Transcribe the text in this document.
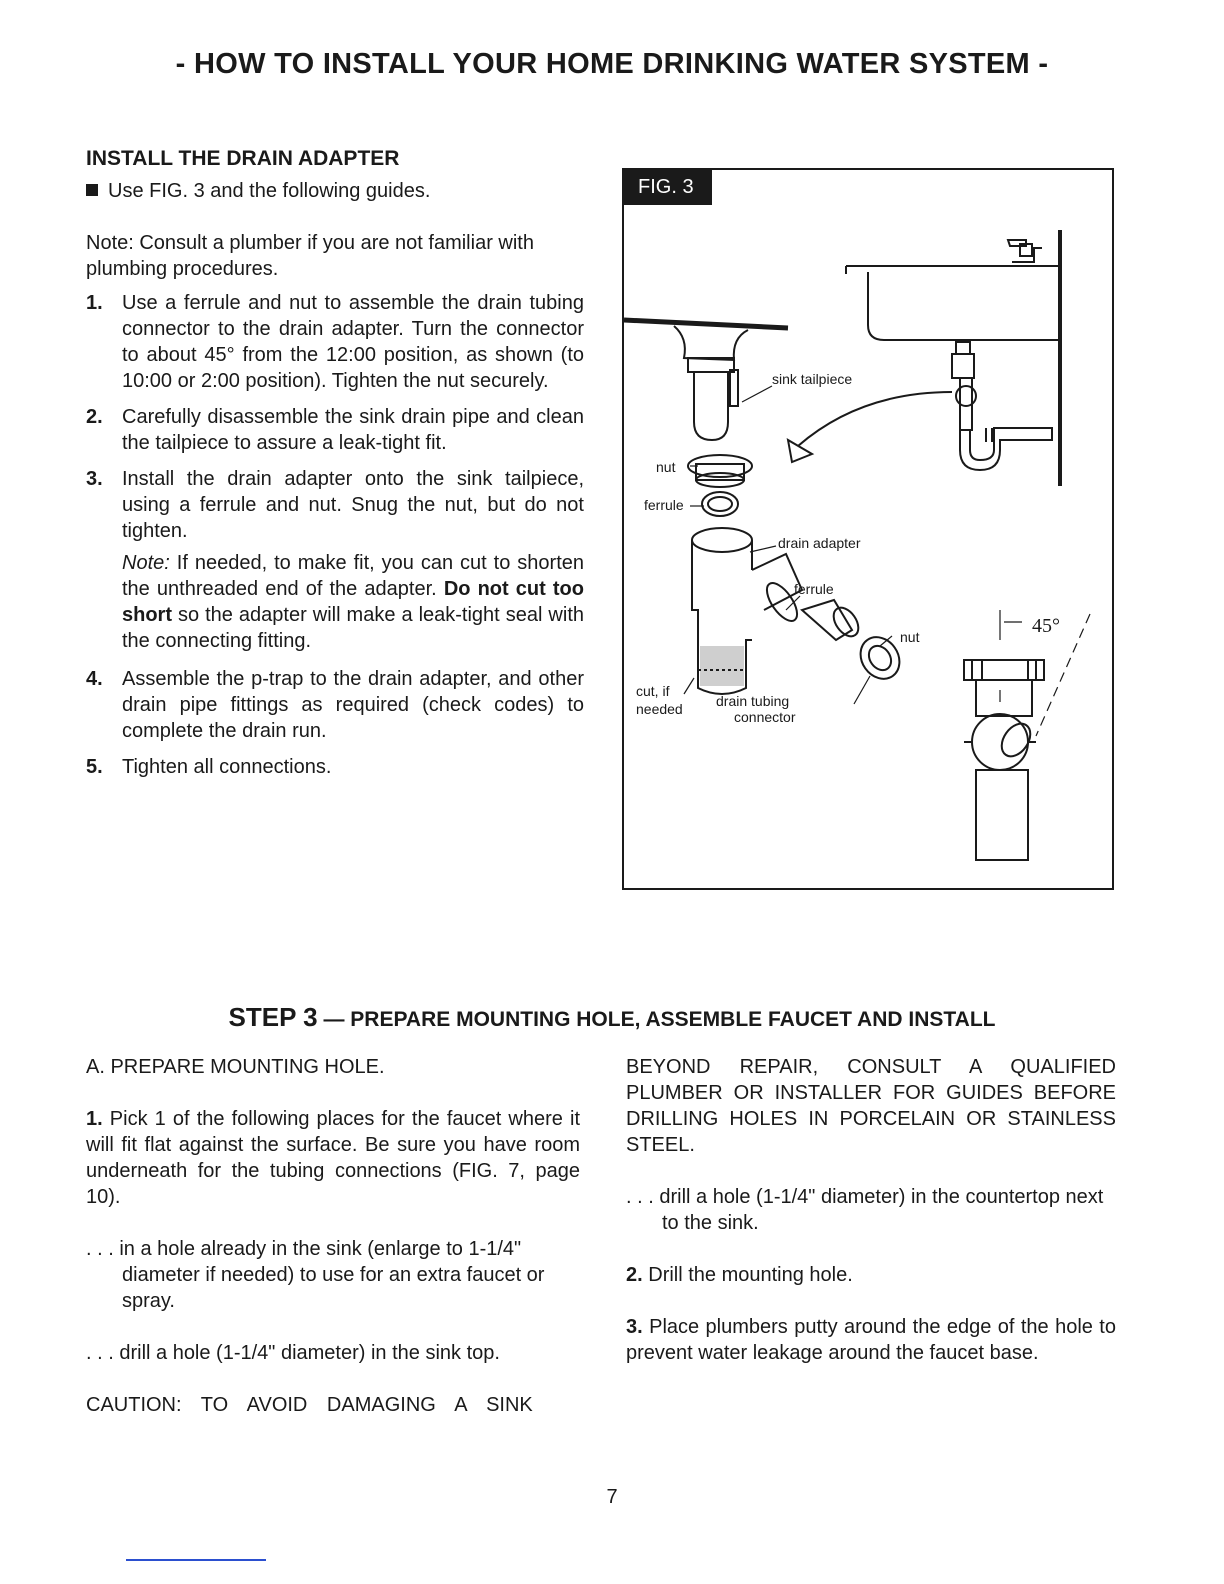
- HOW TO INSTALL YOUR HOME DRINKING WATER SYSTEM -

INSTALL THE DRAIN ADAPTER

Use FIG. 3 and the following guides.

Note: Consult a plumber if you are not familiar with plumbing procedures.

1. Use a ferrule and nut to assemble the drain tubing connector to the drain adapter. Turn the connector to about 45° from the 12:00 position, as shown (to 10:00 or 2:00 position). Tighten the nut securely.
2. Carefully disassemble the sink drain pipe and clean the tailpiece to assure a leak-tight fit.
3. Install the drain adapter onto the sink tailpiece, using a ferrule and nut. Snug the nut, but do not tighten.

Note: If needed, to make fit, you can cut to shorten the unthreaded end of the adapter. Do not cut too short so the adapter will make a leak-tight seal with the connecting fitting.

4. Assemble the p-trap to the drain adapter, and other drain pipe fittings as required (check codes) to complete the drain run.
5. Tighten all connections.
sink tailpiece
nut
ferrule
drain adapter
ferrule
nut
cut, if
needed drain tubing
connector
45°
FIG. 3
STEP 3 — PREPARE MOUNTING HOLE, ASSEMBLE FAUCET AND INSTALL

A. PREPARE MOUNTING HOLE.

1. Pick 1 of the following places for the faucet where it will fit flat against the surface. Be sure you have room underneath for the tubing connections (FIG. 7, page 10).

. . . in a hole already in the sink (enlarge to 1-1/4" diameter if needed) to use for an extra faucet or spray.

. . . drill a hole (1-1/4" diameter) in the sink top.

CAUTION: TO AVOID DAMAGING A SINK

BEYOND REPAIR, CONSULT A QUALIFIED PLUMBER OR INSTALLER FOR GUIDES BEFORE DRILLING HOLES IN PORCELAIN OR STAINLESS STEEL.

. . . drill a hole (1-1/4" diameter) in the countertop next to the sink.

2. Drill the mounting hole.

3. Place plumbers putty around the edge of the hole to prevent water leakage around the faucet base.

7
